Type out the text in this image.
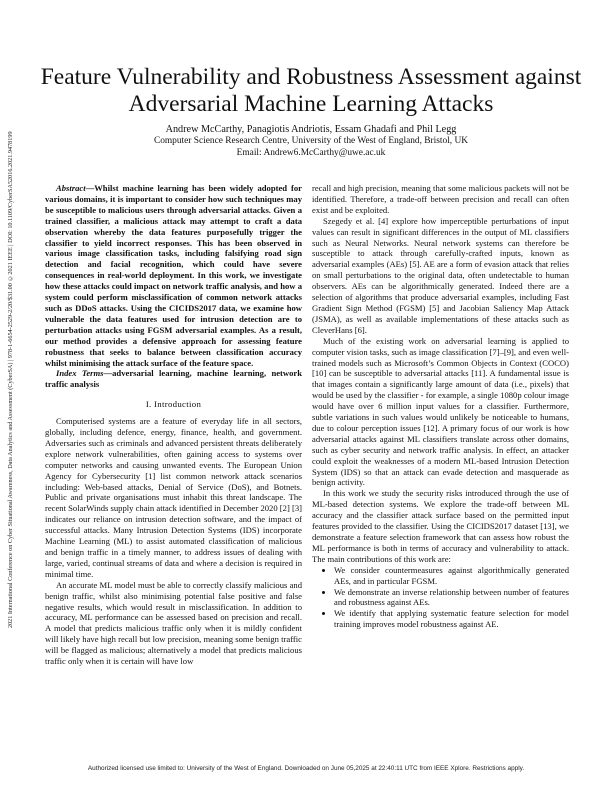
2021 International Conference on Cyber Situational Awareness, Data Analytics and Assessment (CyberSA) | 978-1-6654-2529-2/20/$31.00 ©2021 IEEE | DOI: 10.1109/CyberSA52016.2021.9478199
Feature Vulnerability and Robustness Assessment against Adversarial Machine Learning Attacks
Andrew McCarthy, Panagiotis Andriotis, Essam Ghadafi and Phil Legg
Computer Science Research Centre, University of the West of England, Bristol, UK
Email: Andrew6.McCarthy@uwe.ac.uk

Abstract—Whilst machine learning has been widely adopted for various domains, it is important to consider how such techniques may be susceptible to malicious users through adversarial attacks. Given a trained classifier, a malicious attack may attempt to craft a data observation whereby the data features purposefully trigger the classifier to yield incorrect responses. This has been observed in various image classification tasks, including falsifying road sign detection and facial recognition, which could have severe consequences in real-world deployment. In this work, we investigate how these attacks could impact on network traffic analysis, and how a system could perform misclassification of common network attacks such as DDoS attacks. Using the CICIDS2017 data, we examine how vulnerable the data features used for intrusion detection are to perturbation attacks using FGSM adversarial examples. As a result, our method provides a defensive approach for assessing feature robustness that seeks to balance between classification accuracy whilst minimising the attack surface of the feature space.

Index Terms—adversarial learning, machine learning, network traffic analysis

I. Introduction

Computerised systems are a feature of everyday life in all sectors, globally, including defence, energy, finance, health, and government. Adversaries such as criminals and advanced persistent threats deliberately explore network vulnerabilities, often gaining access to systems over computer networks and causing unwanted events. The European Union Agency for Cybersecurity [1] list common network attack scenarios including: Web-based attacks, Denial of Service (DoS), and Botnets. Public and private organisations must inhabit this threat landscape. The recent SolarWinds supply chain attack identified in December 2020 [2] [3] indicates our reliance on intrusion detection software, and the impact of successful attacks. Many Intrusion Detection Systems (IDS) incorporate Machine Learning (ML) to assist automated classification of malicious and benign traffic in a timely manner, to address issues of dealing with large, varied, continual streams of data and where a decision is required in minimal time.

An accurate ML model must be able to correctly classify malicious and benign traffic, whilst also minimising potential false positive and false negative results, which would result in misclassification. In addition to accuracy, ML performance can be assessed based on precision and recall. A model that predicts malicious traffic only when it is mildly confident will likely have high recall but low precision, meaning some benign traffic will be flagged as malicious; alternatively a model that predicts malicious traffic only when it is certain will have low

recall and high precision, meaning that some malicious packets will not be identified. Therefore, a trade-off between precision and recall can often exist and be exploited.

Szegedy et al. [4] explore how imperceptible perturbations of input values can result in significant differences in the output of ML classifiers such as Neural Networks. Neural network systems can therefore be susceptible to attack through carefully-crafted inputs, known as adversarial examples (AEs) [5]. AE are a form of evasion attack that relies on small perturbations to the original data, often undetectable to human observers. AEs can be algorithmically generated. Indeed there are a selection of algorithms that produce adversarial examples, including Fast Gradient Sign Method (FGSM) [5] and Jacobian Saliency Map Attack (JSMA), as well as available implementations of these attacks such as CleverHans [6].

Much of the existing work on adversarial learning is applied to computer vision tasks, such as image classification [7]–[9], and even well-trained models such as Microsoft’s Common Objects in Context (COCO) [10] can be susceptible to adversarial attacks [11]. A fundamental issue is that images contain a significantly large amount of data (i.e., pixels) that would be used by the classifier - for example, a single 1080p colour image would have over 6 million input values for a classifier. Furthermore, subtle variations in such values would unlikely be noticeable to humans, due to colour perception issues [12]. A primary focus of our work is how adversarial attacks against ML classifiers translate across other domains, such as cyber security and network traffic analysis. In effect, an attacker could exploit the weaknesses of a modern ML-based Intrusion Detection System (IDS) so that an attack can evade detection and masquerade as benign activity.

In this work we study the security risks introduced through the use of ML-based detection systems. We explore the trade-off between ML accuracy and the classifier attack surface based on the permitted input features provided to the classifier. Using the CICIDS2017 dataset [13], we demonstrate a feature selection framework that can assess how robust the ML performance is both in terms of accuracy and vulnerability to attack. The main contributions of this work are:

• We consider countermeasures against algorithmically generated AEs, and in particular FGSM.
• We demonstrate an inverse relationship between number of features and robustness against AEs.
• We identify that applying systematic feature selection for model training improves model robustness against AE.
Authorized licensed use limited to: University of the West of England. Downloaded on June 05,2025 at 22:40:11 UTC from IEEE Xplore. Restrictions apply.
